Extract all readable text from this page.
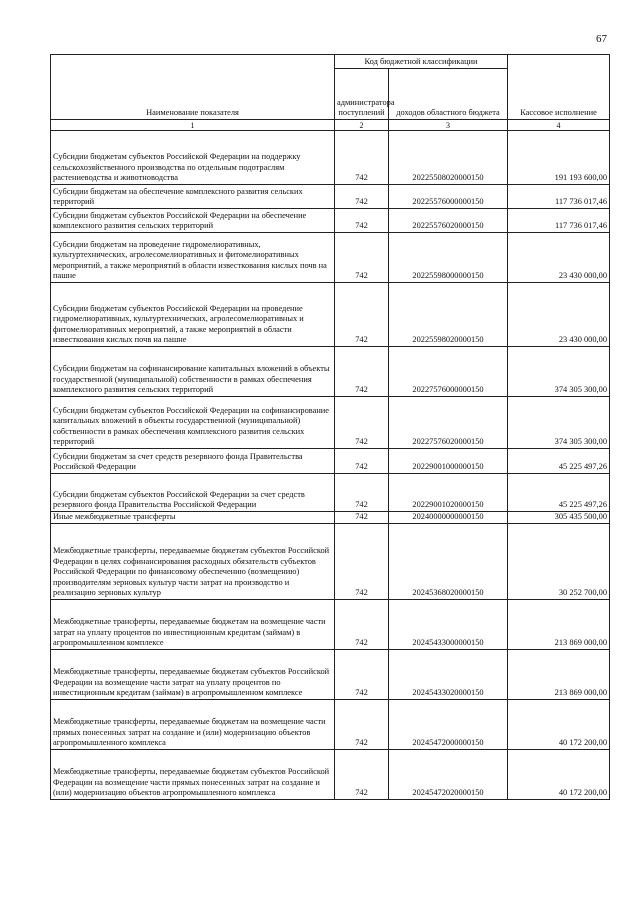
67
Наименование показателя	Код бюджетной классификации		Кассовое исполнение
	администратора поступлений	доходов областного бюджета	
1	2	3	4
Субсидии бюджетам субъектов Российской Федерации на поддержку сельскохозяйственного производства по отдельным подотраслям растениеводства и животноводства	742	20225508020000150	191 193 600,00
Субсидии бюджетам на обеспечение комплексного развития сельских территорий	742	20225576000000150	117 736 017,46
Субсидии бюджетам субъектов Российской Федерации на обеспечение комплексного развития сельских территорий	742	20225576020000150	117 736 017,46
Субсидии бюджетам на проведение гидромелиоративных, культуртехнических, агролесомелиоративных и фитомелиоративных мероприятий, а также мероприятий в области известкования кислых почв на пашне	742	20225598000000150	23 430 000,00
Субсидии бюджетам субъектов Российской Федерации на проведение гидромелиоративных, культуртехнических, агролесомелиоративных и фитомелиоративных мероприятий, а также мероприятий в области известкования кислых почв на пашне	742	20225598020000150	23 430 000,00
Субсидии бюджетам на софинансирование капитальных вложений в объекты государственной (муниципальной) собственности в рамках обеспечения комплексного развития сельских территорий	742	20227576000000150	374 305 300,00
Субсидии бюджетам субъектов Российской Федерации на софинансирование капитальных вложений в объекты государственной (муниципальной) собственности в рамках обеспечения комплексного развития сельских территорий	742	20227576020000150	374 305 300,00
Субсидии бюджетам за счет средств резервного фонда Правительства Российской Федерации	742	20229001000000150	45 225 497,26
Субсидии бюджетам субъектов Российской Федерации за счет средств резервного фонда Правительства Российской Федерации	742	20229001020000150	45 225 497,26
Иные межбюджетные трансферты	742	20240000000000150	305 435 500,00
Межбюджетные трансферты, передаваемые бюджетам субъектов Российской Федерации в целях софинансирования расходных обязательств субъектов Российской Федерации по финансовому обеспечению (возмещению) производителям зерновых культур части затрат на производство и реализацию зерновых культур	742	20245368020000150	30 252 700,00
Межбюджетные трансферты, передаваемые бюджетам на возмещение части затрат на уплату процентов по инвестиционным кредитам (займам) в агропромышленном комплексе	742	20245433000000150	213 869 000,00
Межбюджетные трансферты, передаваемые бюджетам субъектов Российской Федерации на возмещение части затрат на уплату процентов по инвестиционным кредитам (займам) в агропромышленном комплексе	742	20245433020000150	213 869 000,00
Межбюджетные трансферты, передаваемые бюджетам на возмещение части прямых понесенных затрат на создание и (или) модернизацию объектов агропромышленного комплекса	742	20245472000000150	40 172 200,00
Межбюджетные трансферты, передаваемые бюджетам субъектов Российской Федерации на возмещение части прямых понесенных затрат на создание и (или) модернизацию объектов агропромышленного комплекса	742	20245472020000150	40 172 200,00
